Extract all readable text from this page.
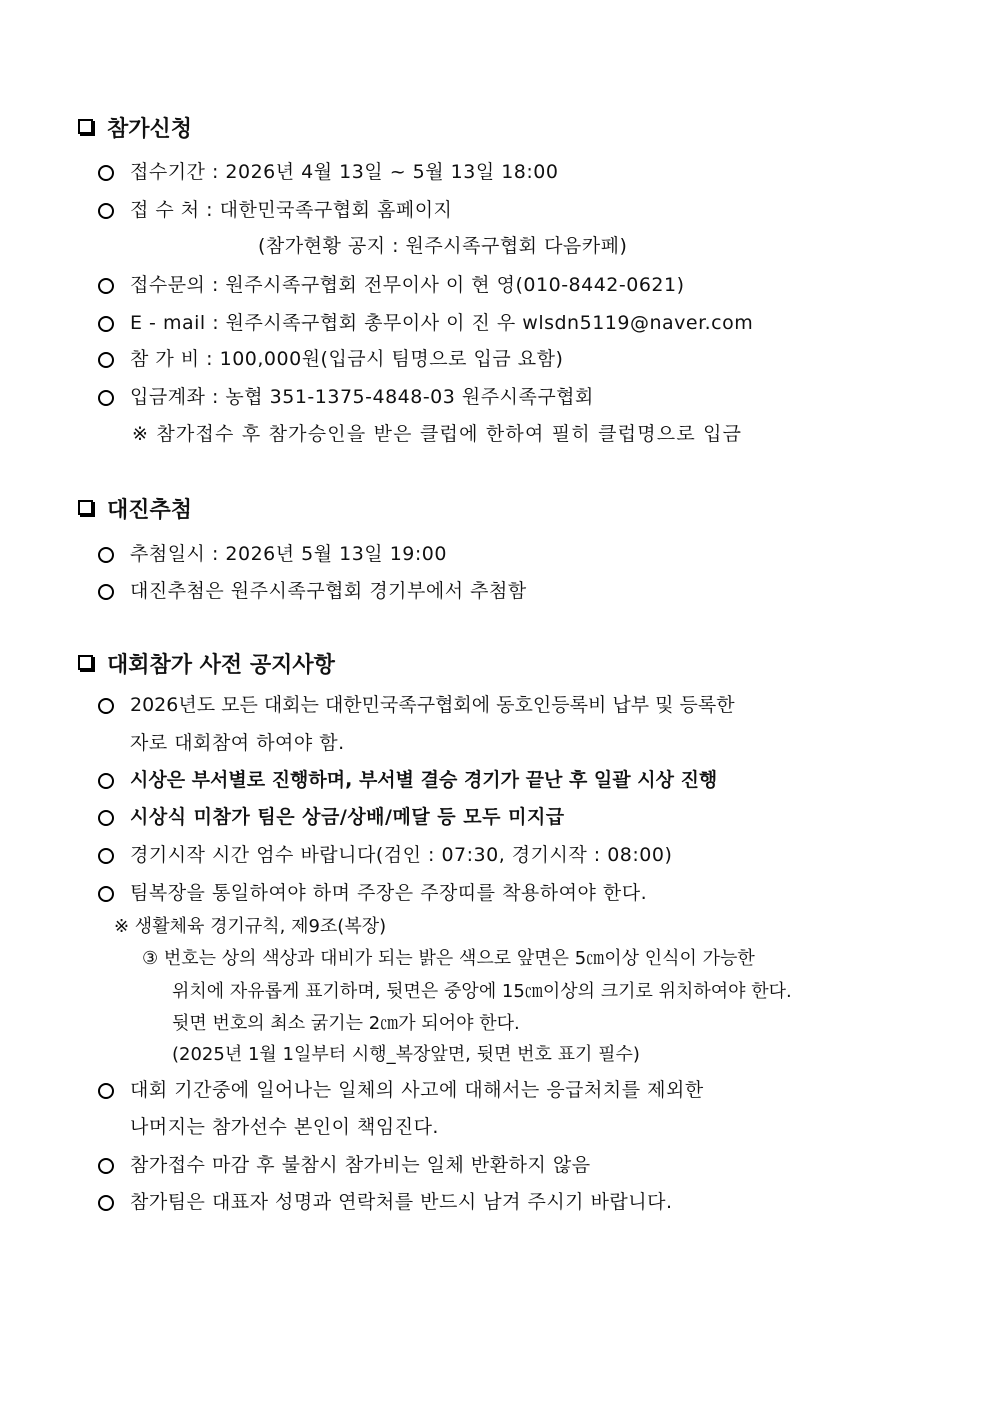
참가신청
접수기간 : 2026년 4월 13일 ~ 5월 13일 18:00
접 수 처 : 대한민국족구협회 홈페이지
(참가현황 공지 : 원주시족구협회 다음카페)
접수문의 : 원주시족구협회 전무이사 이 현 영(010-8442-0621)
E - mail : 원주시족구협회 총무이사 이 진 우 wlsdn5119@naver.com
참 가 비 : 100,000원(입금시 팀명으로 입금 요함)
입금계좌 : 농협 351-1375-4848-03 원주시족구협회
※ 참가접수 후 참가승인을 받은 클럽에 한하여 필히 클럽명으로 입금
대진추첨
추첨일시 : 2026년 5월 13일 19:00
대진추첨은 원주시족구협회 경기부에서 추첨함
대회참가 사전 공지사항
2026년도 모든 대회는 대한민국족구협회에 동호인등록비 납부 및 등록한
자로 대회참여 하여야 함.
시상은 부서별로 진행하며, 부서별 결승 경기가 끝난 후 일괄 시상 진행
시상식 미참가 팀은 상금/상배/메달 등 모두 미지급
경기시작 시간 엄수 바랍니다(검인 : 07:30, 경기시작 : 08:00)
팀복장을 통일하여야 하며 주장은 주장띠를 착용하여야 한다.
※ 생활체육 경기규칙, 제9조(복장)
③ 번호는 상의 색상과 대비가 되는 밝은 색으로 앞면은 5㎝이상 인식이 가능한
위치에 자유롭게 표기하며, 뒷면은 중앙에 15㎝이상의 크기로 위치하여야 한다.
뒷면 번호의 최소 굵기는 2㎝가 되어야 한다.
(2025년 1월 1일부터 시행_복장앞면, 뒷면 번호 표기 필수)
대회 기간중에 일어나는 일체의 사고에 대해서는 응급처치를 제외한
나머지는 참가선수 본인이 책임진다.
참가접수 마감 후 불참시 참가비는 일체 반환하지 않음
참가팀은 대표자 성명과 연락처를 반드시 남겨 주시기 바랍니다.
